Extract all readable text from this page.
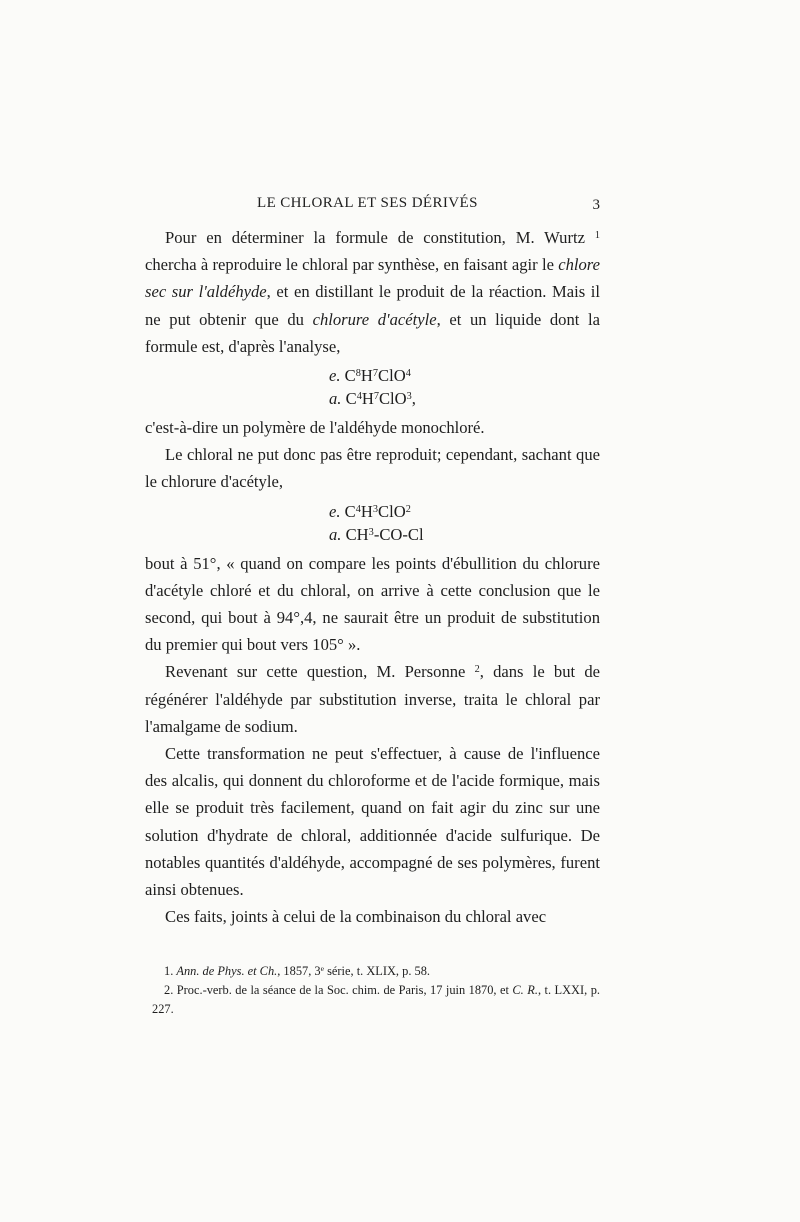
LE CHLORAL ET SES DÉRIVÉS	3

Pour en déterminer la formule de constitution, M. Wurtz $^1$ chercha à reproduire le chloral par synthèse, en faisant agir le chlore sec sur l'aldéhyde, et en distillant le produit de la réaction. Mais il ne put obtenir que du chlorure d'acétyle, et un liquide dont la formule est, d'après l'analyse,

e. $C^8H^7ClO^4$
a. $C^4H^7ClO^3$,

c'est-à-dire un polymère de l'aldéhyde monochloré.

Le chloral ne put donc pas être reproduit; cependant, sachant que le chlorure d'acétyle,

e. $C^4H^3ClO^2$
a. $CH^3-CO-Cl$

bout à 51°, « quand on compare les points d'ébullition du chlorure d'acétyle chloré et du chloral, on arrive à cette conclusion que le second, qui bout à 94°,4, ne saurait être un produit de substitution du premier qui bout vers 105° ».

Revenant sur cette question, M. Personne $^2$, dans le but de régénérer l'aldéhyde par substitution inverse, traita le chloral par l'amalgame de sodium.

Cette transformation ne peut s'effectuer, à cause de l'influence des alcalis, qui donnent du chloroforme et de l'acide formique, mais elle se produit très facilement, quand on fait agir du zinc sur une solution d'hydrate de chloral, additionnée d'acide sulfurique. De notables quantités d'aldéhyde, accompagné de ses polymères, furent ainsi obtenues.

Ces faits, joints à celui de la combinaison du chloral avec

1. Ann. de Phys. et Ch., 1857, 3e série, t. XLIX, p. 58.

2. Proc.-verb. de la séance de la Soc. chim. de Paris, 17 juin 1870, et C. R., t. LXXI, p. 227.
